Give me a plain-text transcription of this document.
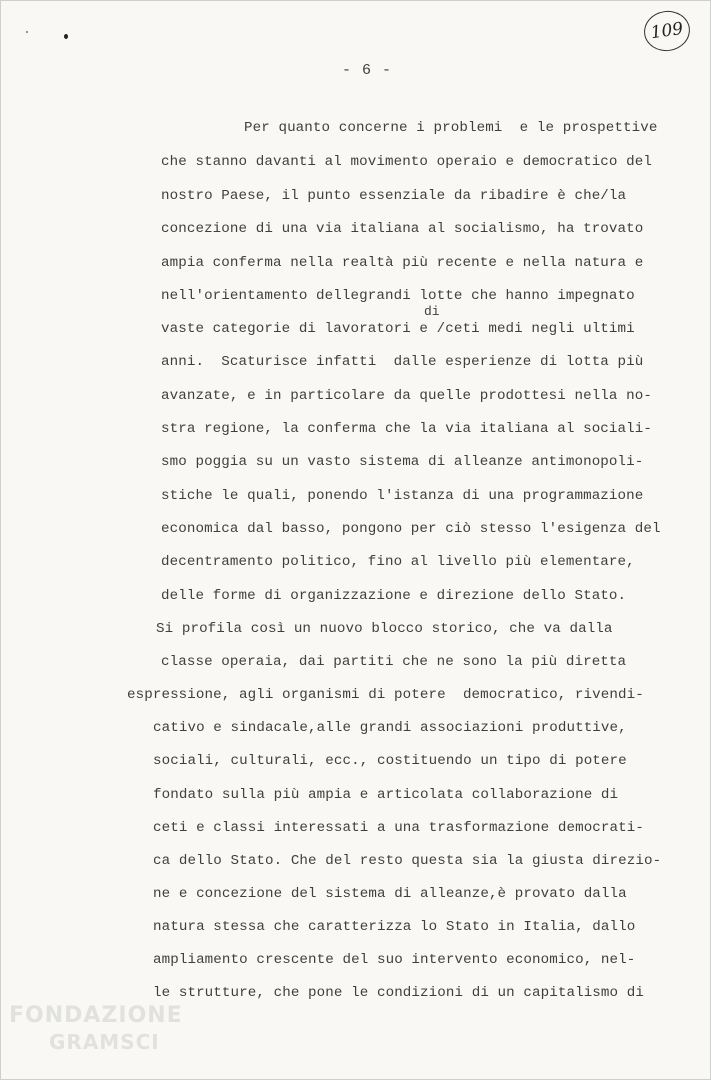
109
- 6 -
Per quanto concerne i problemi  e le prospettive
che stanno davanti al movimento operaio e democratico del
nostro Paese, il punto essenziale da ribadire è che/la
concezione di una via italiana al socialismo, ha trovato
ampia conferma nella realtà più recente e nella natura e
nell'orientamento dellegrandi lotte che hanno impegnato
di
vaste categorie di lavoratori e /ceti medi negli ultimi
anni.  Scaturisce infatti  dalle esperienze di lotta più
avanzate, e in particolare da quelle prodottesi nella no-
stra regione, la conferma che la via italiana al sociali-
smo poggia su un vasto sistema di alleanze antimonopoli-
stiche le quali, ponendo l'istanza di una programmazione
economica dal basso, pongono per ciò stesso l'esigenza del
decentramento politico, fino al livello più elementare,
delle forme di organizzazione e direzione dello Stato.
Si profila così un nuovo blocco storico, che va dalla
classe operaia, dai partiti che ne sono la più diretta
espressione, agli organismi di potere  democratico, rivendi-
cativo e sindacale,alle grandi associazioni produttive,
sociali, culturali, ecc., costituendo un tipo di potere
fondato sulla più ampia e articolata collaborazione di
ceti e classi interessati a una trasformazione democrati-
ca dello Stato. Che del resto questa sia la giusta direzio-
ne e concezione del sistema di alleanze,è provato dalla
natura stessa che caratterizza lo Stato in Italia, dallo
ampliamento crescente del suo intervento economico, nel-
le strutture, che pone le condizioni di un capitalismo di
FONDAZIONE
GRAMSCI
